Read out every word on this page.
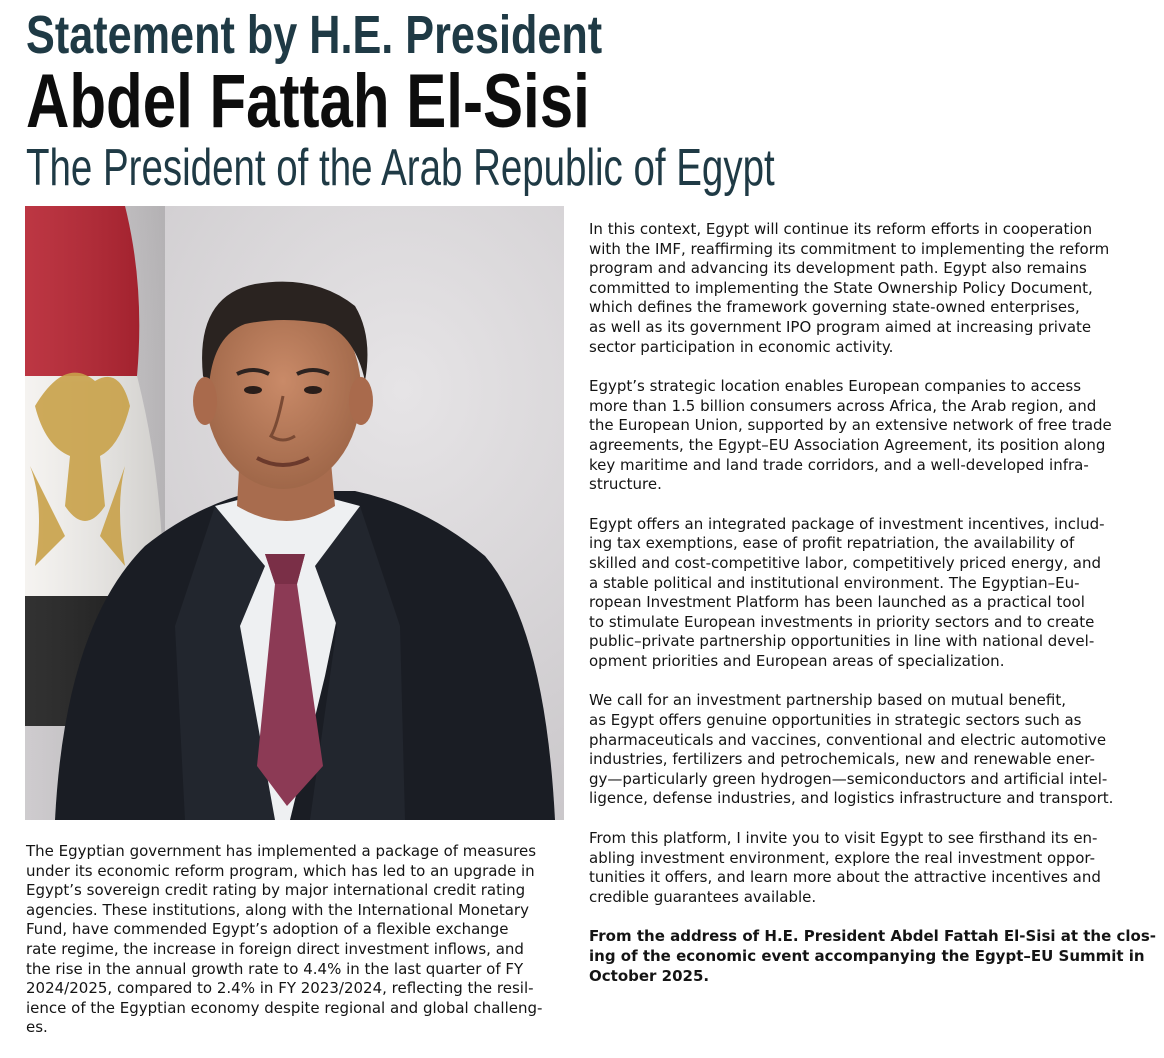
Statement by H.E. President
Abdel Fattah El-Sisi
The President of the Arab Republic of Egypt
The Egyptian government has implemented a package of measures
under its economic reform program, which has led to an upgrade in
Egypt’s sovereign credit rating by major international credit rating
agencies. These institutions, along with the International Monetary
Fund, have commended Egypt’s adoption of a flexible exchange
rate regime, the increase in foreign direct investment inflows, and
the rise in the annual growth rate to 4.4% in the last quarter of FY
2024/2025, compared to 2.4% in FY 2023/2024, reflecting the resil-
ience of the Egyptian economy despite regional and global challeng-
es.
In this context, Egypt will continue its reform efforts in cooperation
with the IMF, reaffirming its commitment to implementing the reform
program and advancing its development path. Egypt also remains
committed to implementing the State Ownership Policy Document,
which defines the framework governing state-owned enterprises,
as well as its government IPO program aimed at increasing private
sector participation in economic activity.
Egypt’s strategic location enables European companies to access
more than 1.5 billion consumers across Africa, the Arab region, and
the European Union, supported by an extensive network of free trade
agreements, the Egypt–EU Association Agreement, its position along
key maritime and land trade corridors, and a well-developed infra-
structure.
Egypt offers an integrated package of investment incentives, includ-
ing tax exemptions, ease of profit repatriation, the availability of
skilled and cost-competitive labor, competitively priced energy, and
a stable political and institutional environment. The Egyptian–Eu-
ropean Investment Platform has been launched as a practical tool
to stimulate European investments in priority sectors and to create
public–private partnership opportunities in line with national devel-
opment priorities and European areas of specialization.
We call for an investment partnership based on mutual benefit,
as Egypt offers genuine opportunities in strategic sectors such as
pharmaceuticals and vaccines, conventional and electric automotive
industries, fertilizers and petrochemicals, new and renewable ener-
gy—particularly green hydrogen—semiconductors and artificial intel-
ligence, defense industries, and logistics infrastructure and transport.
From this platform, I invite you to visit Egypt to see firsthand its en-
abling investment environment, explore the real investment oppor-
tunities it offers, and learn more about the attractive incentives and
credible guarantees available.
From the address of H.E. President Abdel Fattah El-Sisi at the clos-
ing of the economic event accompanying the Egypt–EU Summit in
October 2025.
